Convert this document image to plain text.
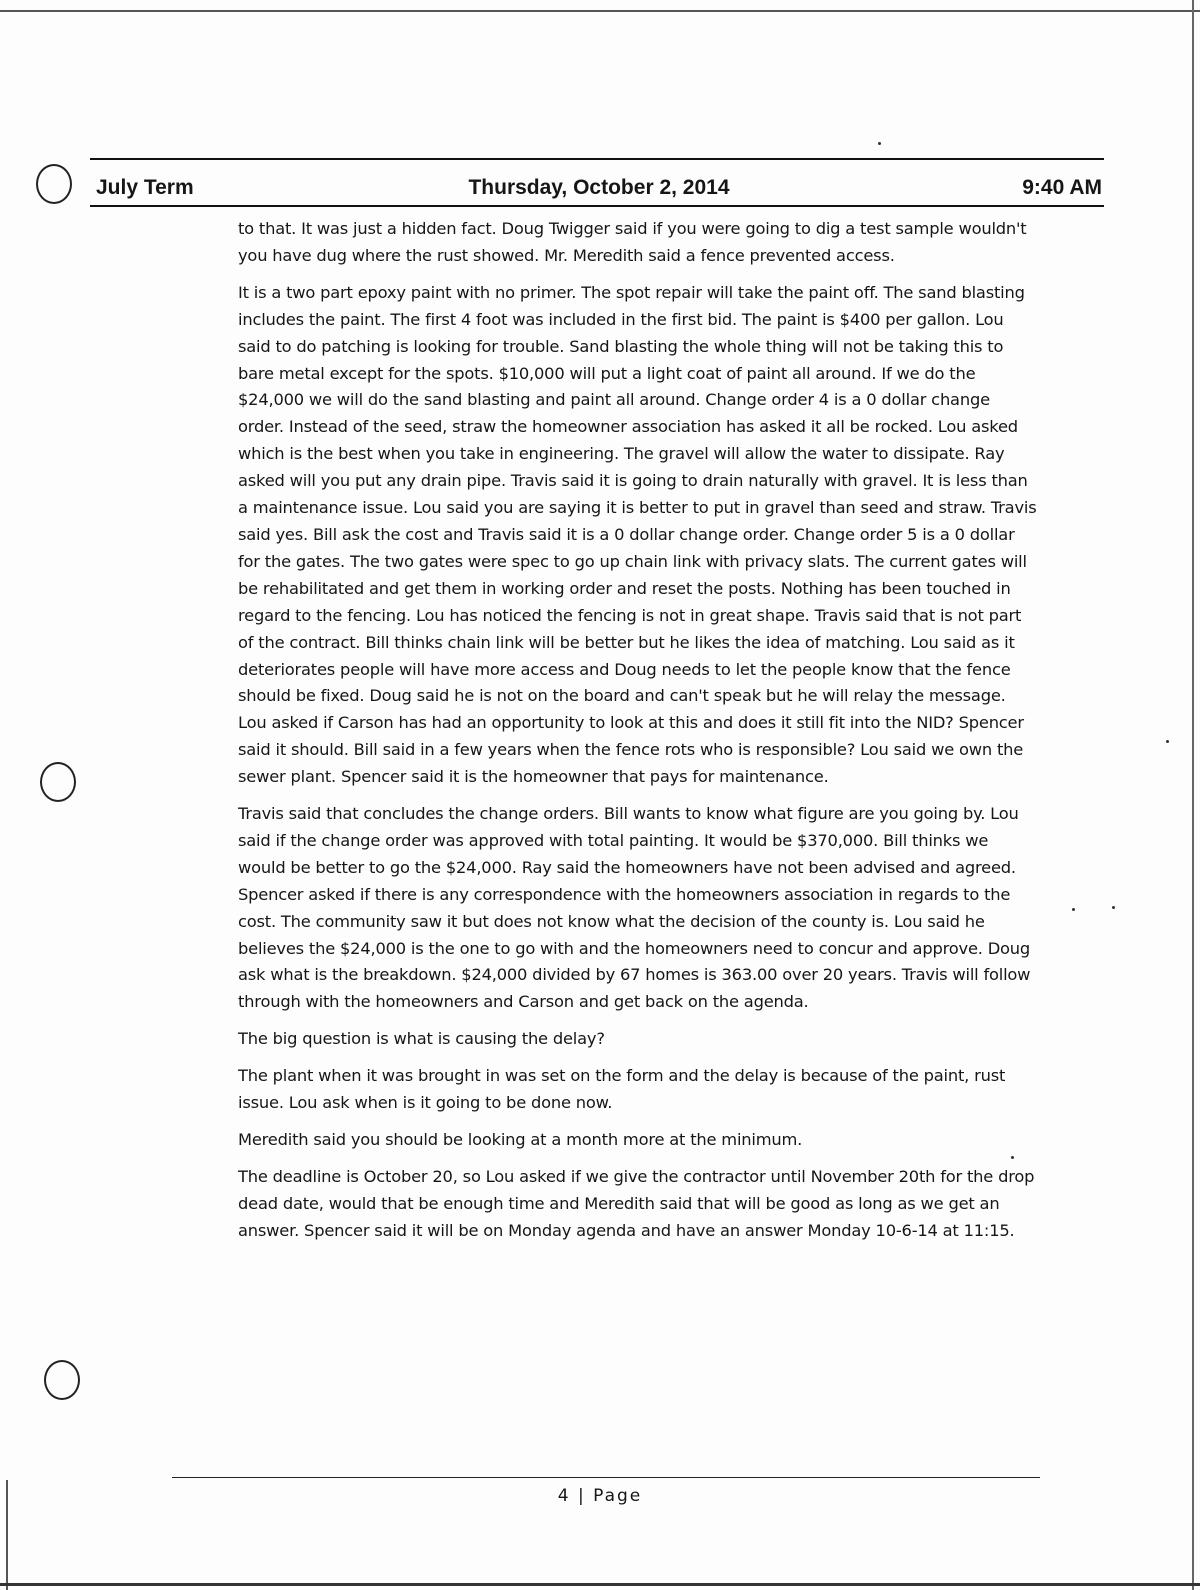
July Term	Thursday, October 2, 2014	9:40 AM

to that. It was just a hidden fact. Doug Twigger said if you were going to dig a test sample wouldn't you have dug where the rust showed. Mr. Meredith said a fence prevented access.

It is a two part epoxy paint with no primer. The spot repair will take the paint off. The sand blasting includes the paint. The first 4 foot was included in the first bid. The paint is $400 per gallon. Lou said to do patching is looking for trouble. Sand blasting the whole thing will not be taking this to bare metal except for the spots. $10,000 will put a light coat of paint all around. If we do the $24,000 we will do the sand blasting and paint all around. Change order 4 is a 0 dollar change order. Instead of the seed, straw the homeowner association has asked it all be rocked. Lou asked which is the best when you take in engineering. The gravel will allow the water to dissipate. Ray asked will you put any drain pipe. Travis said it is going to drain naturally with gravel. It is less than a maintenance issue. Lou said you are saying it is better to put in gravel than seed and straw. Travis said yes. Bill ask the cost and Travis said it is a 0 dollar change order. Change order 5 is a 0 dollar for the gates. The two gates were spec to go up chain link with privacy slats. The current gates will be rehabilitated and get them in working order and reset the posts. Nothing has been touched in regard to the fencing. Lou has noticed the fencing is not in great shape. Travis said that is not part of the contract. Bill thinks chain link will be better but he likes the idea of matching. Lou said as it deteriorates people will have more access and Doug needs to let the people know that the fence should be fixed. Doug said he is not on the board and can't speak but he will relay the message. Lou asked if Carson has had an opportunity to look at this and does it still fit into the NID? Spencer said it should. Bill said in a few years when the fence rots who is responsible? Lou said we own the sewer plant. Spencer said it is the homeowner that pays for maintenance.

Travis said that concludes the change orders. Bill wants to know what figure are you going by. Lou said if the change order was approved with total painting. It would be $370,000. Bill thinks we would be better to go the $24,000. Ray said the homeowners have not been advised and agreed. Spencer asked if there is any correspondence with the homeowners association in regards to the cost. The community saw it but does not know what the decision of the county is. Lou said he believes the $24,000 is the one to go with and the homeowners need to concur and approve. Doug ask what is the breakdown. $24,000 divided by 67 homes is 363.00 over 20 years. Travis will follow through with the homeowners and Carson and get back on the agenda.

The big question is what is causing the delay?

The plant when it was brought in was set on the form and the delay is because of the paint, rust issue. Lou ask when is it going to be done now.

Meredith said you should be looking at a month more at the minimum.

The deadline is October 20, so Lou asked if we give the contractor until November 20th for the drop dead date, would that be enough time and Meredith said that will be good as long as we get an answer. Spencer said it will be on Monday agenda and have an answer Monday 10-6-14 at 11:15.

4 | Page
